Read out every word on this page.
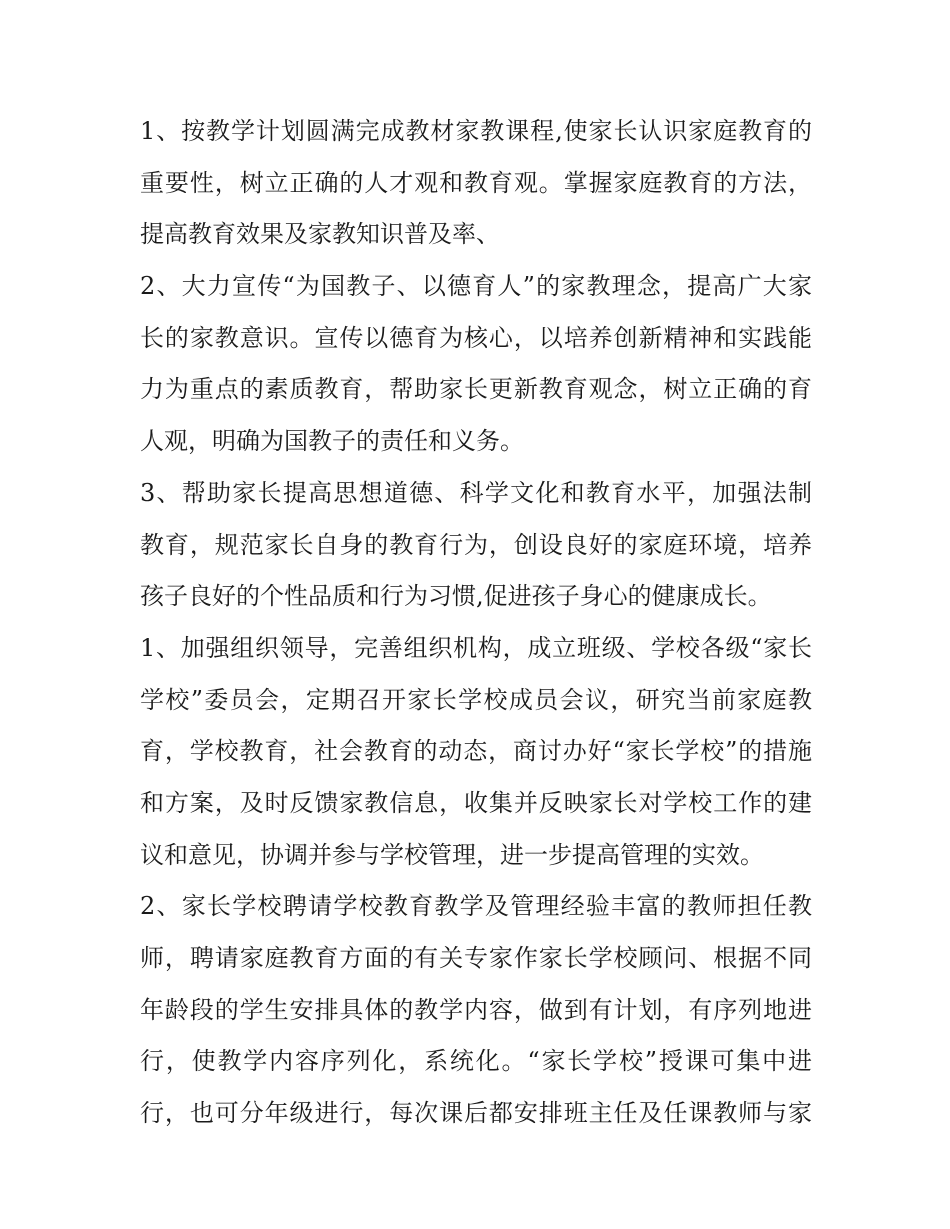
1、按教学计划圆满完成教材家教课程,使家长认识家庭教育的
重要性，树立正确的人才观和教育观。掌握家庭教育的方法，
提高教育效果及家教知识普及率、
2、大力宣传“为国教子、以德育人”的家教理念，提高广大家
长的家教意识。宣传以德育为核心，以培养创新精神和实践能
力为重点的素质教育，帮助家长更新教育观念，树立正确的育
人观，明确为国教子的责任和义务。
3、帮助家长提高思想道德、科学文化和教育水平，加强法制
教育，规范家长自身的教育行为，创设良好的家庭环境，培养
孩子良好的个性品质和行为习惯,促进孩子身心的健康成长。
1、加强组织领导，完善组织机构，成立班级、学校各级“家长
学校”委员会，定期召开家长学校成员会议，研究当前家庭教
育，学校教育，社会教育的动态，商讨办好“家长学校”的措施
和方案，及时反馈家教信息，收集并反映家长对学校工作的建
议和意见，协调并参与学校管理，进一步提高管理的实效。
2、家长学校聘请学校教育教学及管理经验丰富的教师担任教
师，聘请家庭教育方面的有关专家作家长学校顾问、根据不同
年龄段的学生安排具体的教学内容，做到有计划，有序列地进
行，使教学内容序列化，系统化。“家长学校”授课可集中进
行，也可分年级进行，每次课后都安排班主任及任课教师与家
